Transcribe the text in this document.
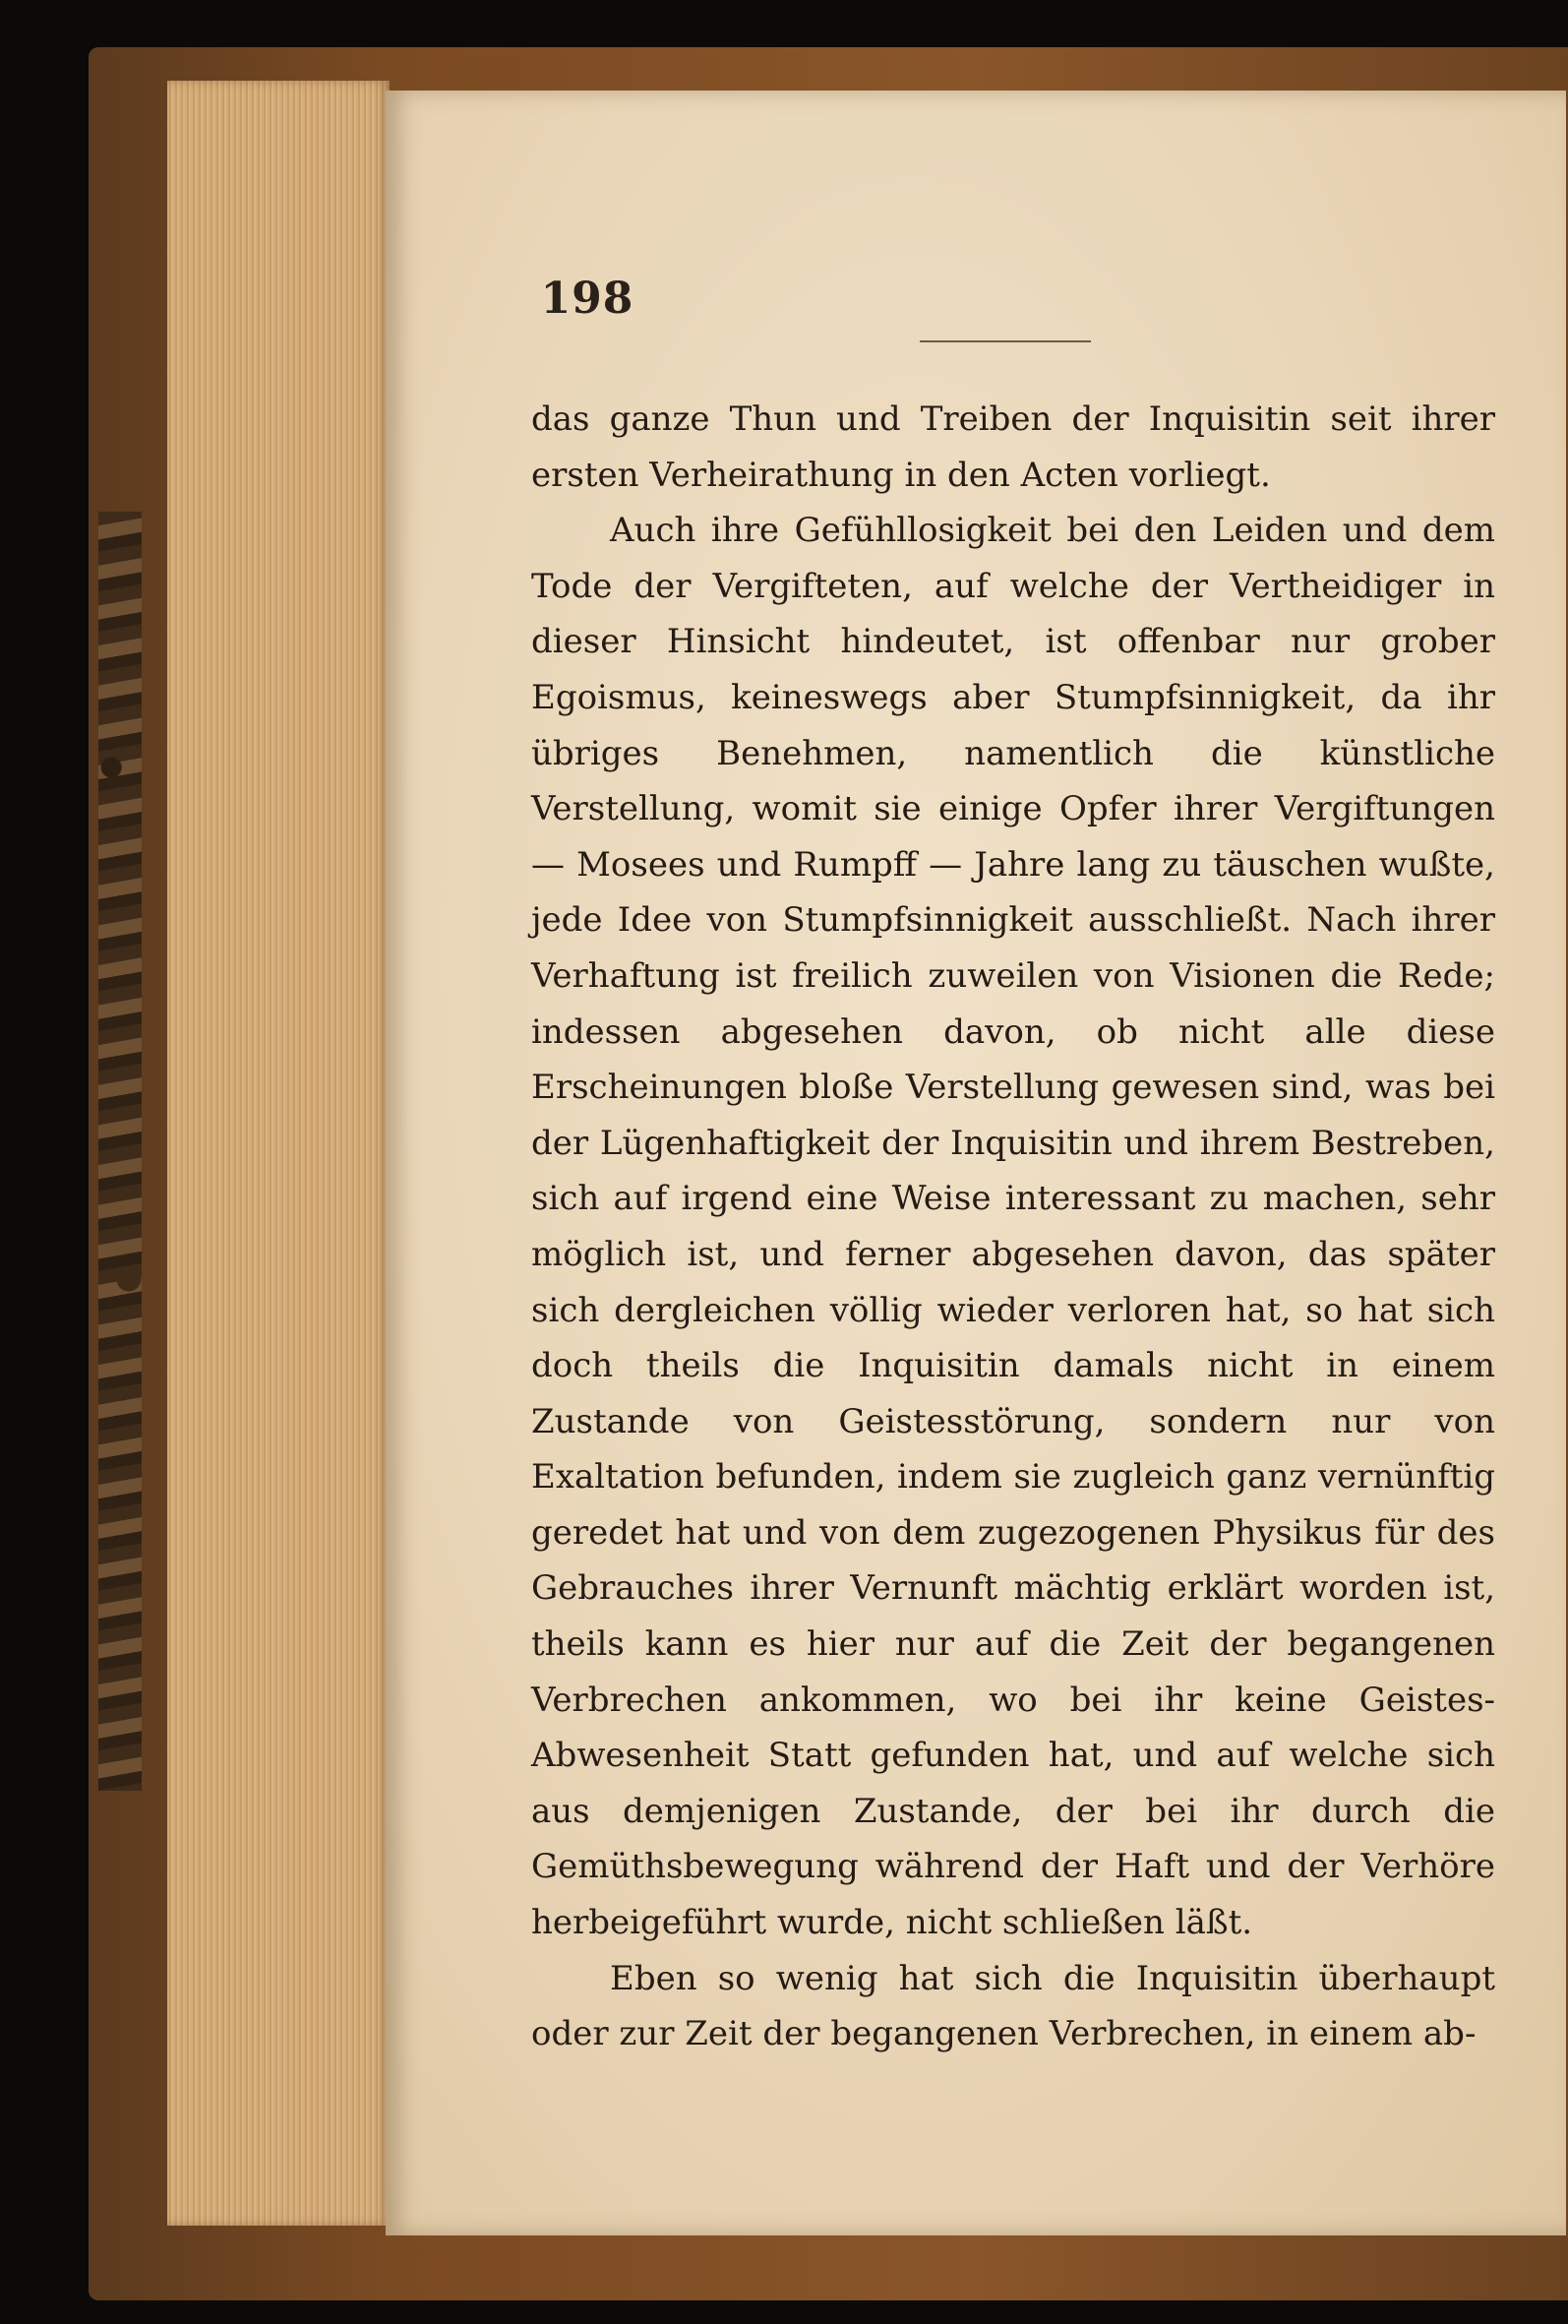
198

das ganze Thun und Treiben der Inquisitin seit ihrer ersten Verheirathung in den Acten vorliegt.

Auch ihre Gefühllosigkeit bei den Leiden und dem Tode der Vergifteten, auf welche der Vertheidiger in dieser Hinsicht hindeutet, ist offenbar nur grober Egoismus, keineswegs aber Stumpfsinnigkeit, da ihr übriges Benehmen, namentlich die künstliche Verstellung, womit sie einige Opfer ihrer Vergiftungen — Mosees und Rumpff — Jahre lang zu täuschen wußte, jede Idee von Stumpfsinnigkeit ausschließt. Nach ihrer Verhaftung ist freilich zuweilen von Visionen die Rede; indessen abgesehen davon, ob nicht alle diese Erscheinungen bloße Verstellung gewesen sind, was bei der Lügenhaftigkeit der Inquisitin und ihrem Bestreben, sich auf irgend eine Weise interessant zu machen, sehr möglich ist, und ferner abgesehen davon, das später sich dergleichen völlig wieder verloren hat, so hat sich doch theils die Inquisitin damals nicht in einem Zustande von Geistesstörung, sondern nur von Exaltation befunden, indem sie zugleich ganz vernünftig geredet hat und von dem zugezogenen Physikus für des Gebrauches ihrer Vernunft mächtig erklärt worden ist, theils kann es hier nur auf die Zeit der begangenen Verbrechen ankommen, wo bei ihr keine Geistes-Abwesenheit Statt gefunden hat, und auf welche sich aus demjenigen Zustande, der bei ihr durch die Gemüthsbewegung während der Haft und der Verhöre herbeigeführt wurde, nicht schließen läßt.

Eben so wenig hat sich die Inquisitin überhaupt oder zur Zeit der begangenen Verbrechen, in einem ab-
